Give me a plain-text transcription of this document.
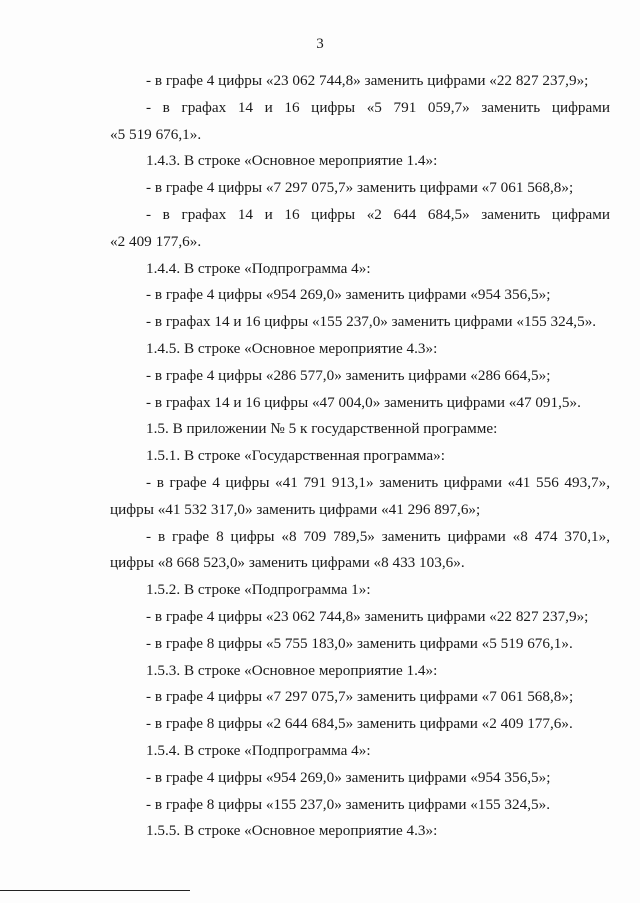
3
- в графе 4 цифры «23 062 744,8» заменить цифрами «22 827 237,9»;
- в графах 14 и 16 цифры «5 791 059,7» заменить цифрами
«5 519 676,1».
1.4.3. В строке «Основное мероприятие 1.4»:
- в графе 4 цифры «7 297 075,7» заменить цифрами «7 061 568,8»;
- в графах 14 и 16 цифры «2 644 684,5» заменить цифрами
«2 409 177,6».
1.4.4. В строке «Подпрограмма 4»:
- в графе 4 цифры «954 269,0» заменить цифрами «954 356,5»;
- в графах 14 и 16 цифры «155 237,0» заменить цифрами «155 324,5».
1.4.5. В строке «Основное мероприятие 4.3»:
- в графе 4 цифры «286 577,0» заменить цифрами «286 664,5»;
- в графах 14 и 16 цифры «47 004,0» заменить цифрами «47 091,5».
1.5. В приложении № 5 к государственной программе:
1.5.1. В строке «Государственная программа»:
- в графе 4 цифры «41 791 913,1» заменить цифрами «41 556 493,7»,
цифры «41 532 317,0» заменить цифрами «41 296 897,6»;
- в графе 8 цифры «8 709 789,5» заменить цифрами «8 474 370,1»,
цифры «8 668 523,0» заменить цифрами «8 433 103,6».
1.5.2. В строке «Подпрограмма 1»:
- в графе 4 цифры «23 062 744,8» заменить цифрами «22 827 237,9»;
- в графе 8 цифры «5 755 183,0» заменить цифрами «5 519 676,1».
1.5.3. В строке «Основное мероприятие 1.4»:
- в графе 4 цифры «7 297 075,7» заменить цифрами «7 061 568,8»;
- в графе 8 цифры «2 644 684,5» заменить цифрами «2 409 177,6».
1.5.4. В строке «Подпрограмма 4»:
- в графе 4 цифры «954 269,0» заменить цифрами «954 356,5»;
- в графе 8 цифры «155 237,0» заменить цифрами «155 324,5».
1.5.5. В строке «Основное мероприятие 4.3»:
